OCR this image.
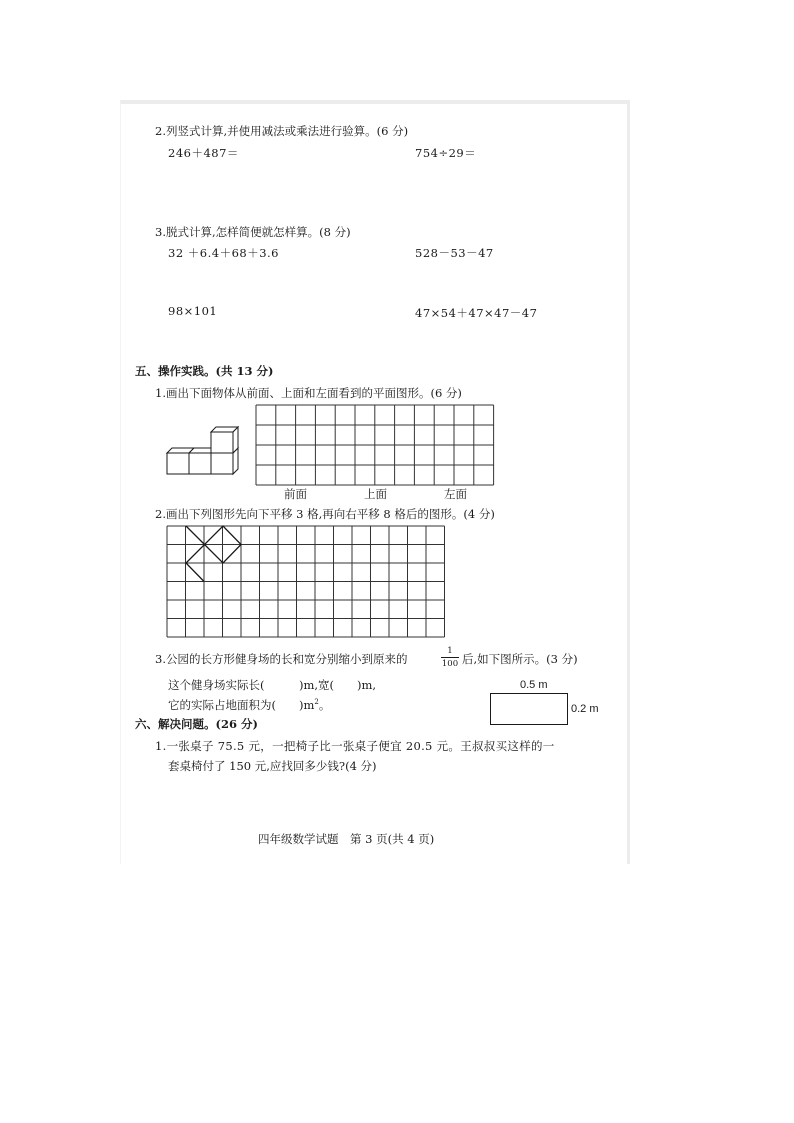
2.列竖式计算,并使用减法或乘法进行验算。(6 分)
246＋487＝	754÷29＝
3.脱式计算,怎样简便就怎样算。(8 分)
32 ＋6.4＋68＋3.6	528－53－47
98×101	47×54＋47×47－47
五、操作实践。(共 13 分)
1.画出下面物体从前面、上面和左面看到的平面图形。(6 分)
前面	上面	左面
2.画出下列图形先向下平移 3 格,再向右平移 8 格后的图形。(4 分)
3.公园的长方形健身场的长和宽分别缩小到原来的
1
100 后,如下图所示。(3 分)
这个健身场实际长(　　　)m,宽(　　)m,
它的实际占地面积为(　　)$m^2$。
0.5 m
0.2 m
六、解决问题。(26 分)
1.一张桌子 75.5 元，一把椅子比一张桌子便宜 20.5 元。王叔叔买这样的一
套桌椅付了 150 元,应找回多少钱?(4 分)
四年级数学试题　第 3 页(共 4 页)
